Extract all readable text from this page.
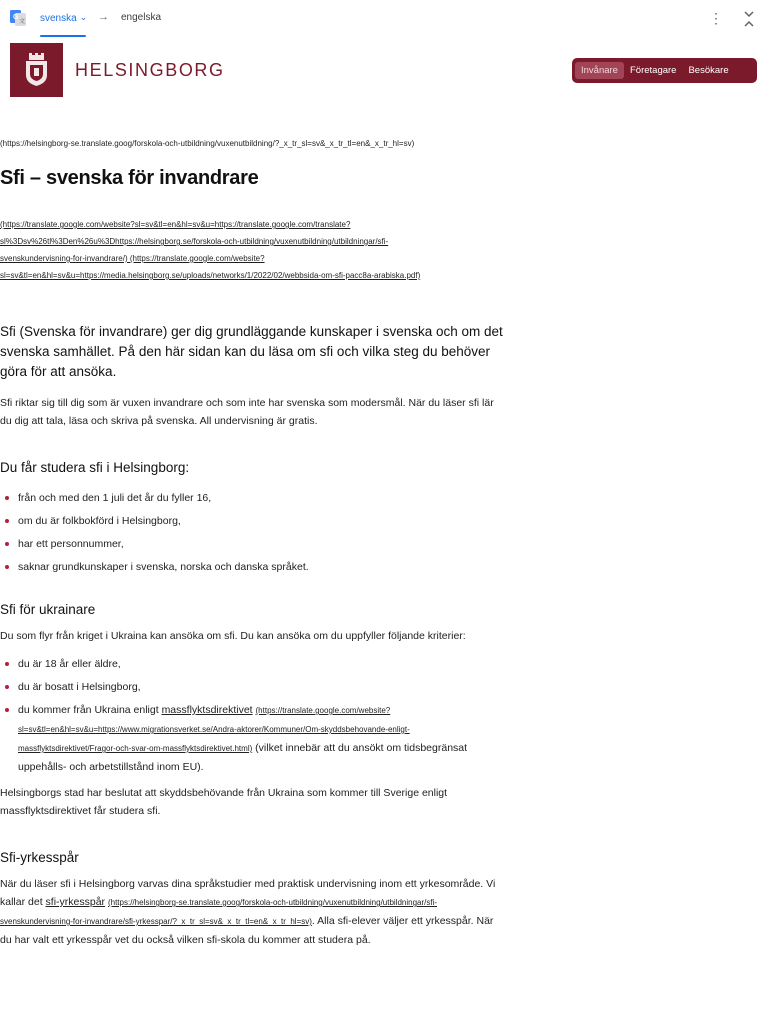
G
文 svenska ⌄ → engelska	⋮
HELSINGBORG	Invånare	Företagare	Besökare
(https://helsingborg-se.translate.goog/forskola-och-utbildning/vuxenutbildning/?_x_tr_sl=sv&_x_tr_tl=en&_x_tr_hl=sv)
Sfi – svenska för invandrare
(https://translate.google.com/website?sl=sv&tl=en&hl=sv&u=https://translate.google.com/translate?
sl%3Dsv%26tl%3Den%26u%3Dhttps://helsingborg.se/forskola-och-utbildning/vuxenutbildning/utbildningar/sfi-
svenskundervisning-for-invandrare/) (https://translate.google.com/website?
sl=sv&tl=en&hl=sv&u=https://media.helsingborg.se/uploads/networks/1/2022/02/webbsida-om-sfi-pacc8a-arabiska.pdf)
Sfi (Svenska för invandrare) ger dig grundläggande kunskaper i svenska och om det svenska samhället. På den här sidan kan du läsa om sfi och vilka steg du behöver göra för att ansöka.

Sfi riktar sig till dig som är vuxen invandrare och som inte har svenska som modersmål. När du läser sfi lär du dig att tala, läsa och skriva på svenska. All undervisning är gratis.

Du får studera sfi i Helsingborg:
från och med den 1 juli det år du fyller 16,
om du är folkbokförd i Helsingborg,
har ett personnummer,
saknar grundkunskaper i svenska, norska och danska språket.
Sfi för ukrainare

Du som flyr från kriget i Ukraina kan ansöka om sfi. Du kan ansöka om du uppfyller följande kriterier:

du är 18 år eller äldre,
du är bosatt i Helsingborg,
du kommer från Ukraina enligt massflyktsdirektivet (https://translate.google.com/website?sl=sv&tl=en&hl=sv&u=https://www.migrationsverket.se/Andra-aktorer/Kommuner/Om-skyddsbehovande-enligt-massflyktsdirektivet/Fragor-och-svar-om-massflyktsdirektivet.html) (vilket innebär att du ansökt om tidsbegränsat uppehålls- och arbetstillstånd inom EU).

Helsingborgs stad har beslutat att skyddsbehövande från Ukraina som kommer till Sverige enligt massflyktsdirektivet får studera sfi.

Sfi-yrkesspår

När du läser sfi i Helsingborg varvas dina språkstudier med praktisk undervisning inom ett yrkesområde. Vi kallar det sfi-yrkesspår (https://helsingborg-se.translate.goog/forskola-och-utbildning/vuxenutbildning/utbildningar/sfi-svenskundervisning-for-invandrare/sfi-yrkesspar/?_x_tr_sl=sv&_x_tr_tl=en&_x_tr_hl=sv). Alla sfi-elever väljer ett yrkesspår. När du har valt ett yrkesspår vet du också vilken sfi-skola du kommer att studera på.
